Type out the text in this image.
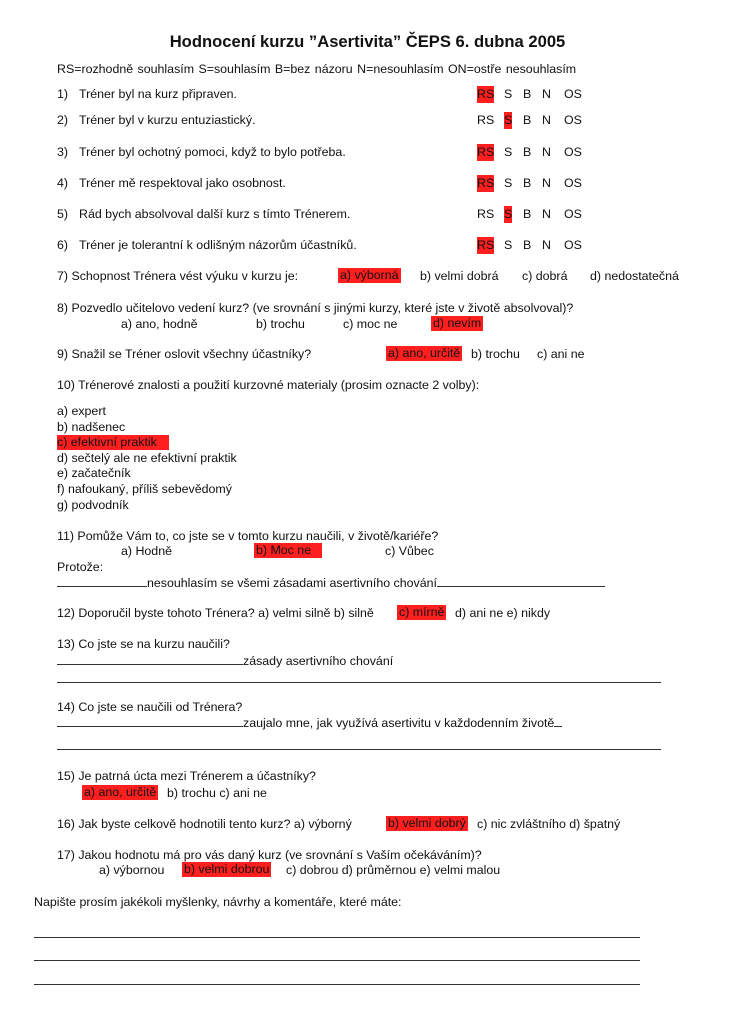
Hodnocení kurzu ”Asertivita” ČEPS 6. dubna 2005
RS=rozhodně souhlasím S=souhlasím B=bez názoru N=nesouhlasím ON=ostře nesouhlasím
1) Tréner byl na kurz připraven.	RS S B N OS
2) Tréner byl v kurzu entuziastický.	RS S B N OS
3) Tréner byl ochotný pomoci, když to bylo potřeba.	RS S B N OS
4) Tréner mě respektoval jako osobnost.	RS S B N OS
5) Rád bych absolvoval další kurz s tímto Trénerem.	RS S B N OS
6) Tréner je tolerantní k odlišným názorům účastníků.	RS S B N OS
7) Schopnost Trénera vést výuku v kurzu je:	a) výborná b) velmi dobrá c) dobrá d) nedostatečná
8) Pozvedlo učitelovo vedení kurz? (ve srovnání s jinými kurzy, které jste v životě absolvoval)?
a) ano, hodně	b) trochu	c) moc ne	d) nevím
9) Snažil se Tréner oslovit všechny účastníky?	a) ano, určitě b) trochu c) ani ne
10) Trénerové znalosti a použití kurzovné materialy (prosim oznacte 2 volby):
a) expert
b) nadšenec
c) efektivní praktik
d) sečtelý ale ne efektivní praktik
e) začatečník
f) nafoukaný, příliš sebevědomý
g) podvodník
11) Pomůže Vám to, co jste se v tomto kurzu naučili, v životě/kariéře?
a) Hodně	b) Moc ne	c) Vůbec
Protože:
nesouhlasím se všemi zásadami asertivního chování
12) Doporučil byste tohoto Trénera? a) velmi silně b) silně c) mírně d) ani ne e) nikdy
13) Co jste se na kurzu naučili?
zásady asertivního chování
14) Co jste se naučili od Trénera?
zaujalo mne, jak využívá asertivitu v každodenním životě
15) Je patrná úcta mezi Trénerem a účastníky?
a) ano, určitě b) trochu c) ani ne
16) Jak byste celkově hodnotili tento kurz? a) výborný	b) velmi dobrý c) nic zvláštního d) špatný
17) Jakou hodnotu má pro vás daný kurz (ve srovnání s Vaším očekáváním)?
a) výbornou b) velmi dobrou c) dobrou d) průměrnou e) velmi malou
Napište prosím jakékoli myšlenky, návrhy a komentáře, které máte:
